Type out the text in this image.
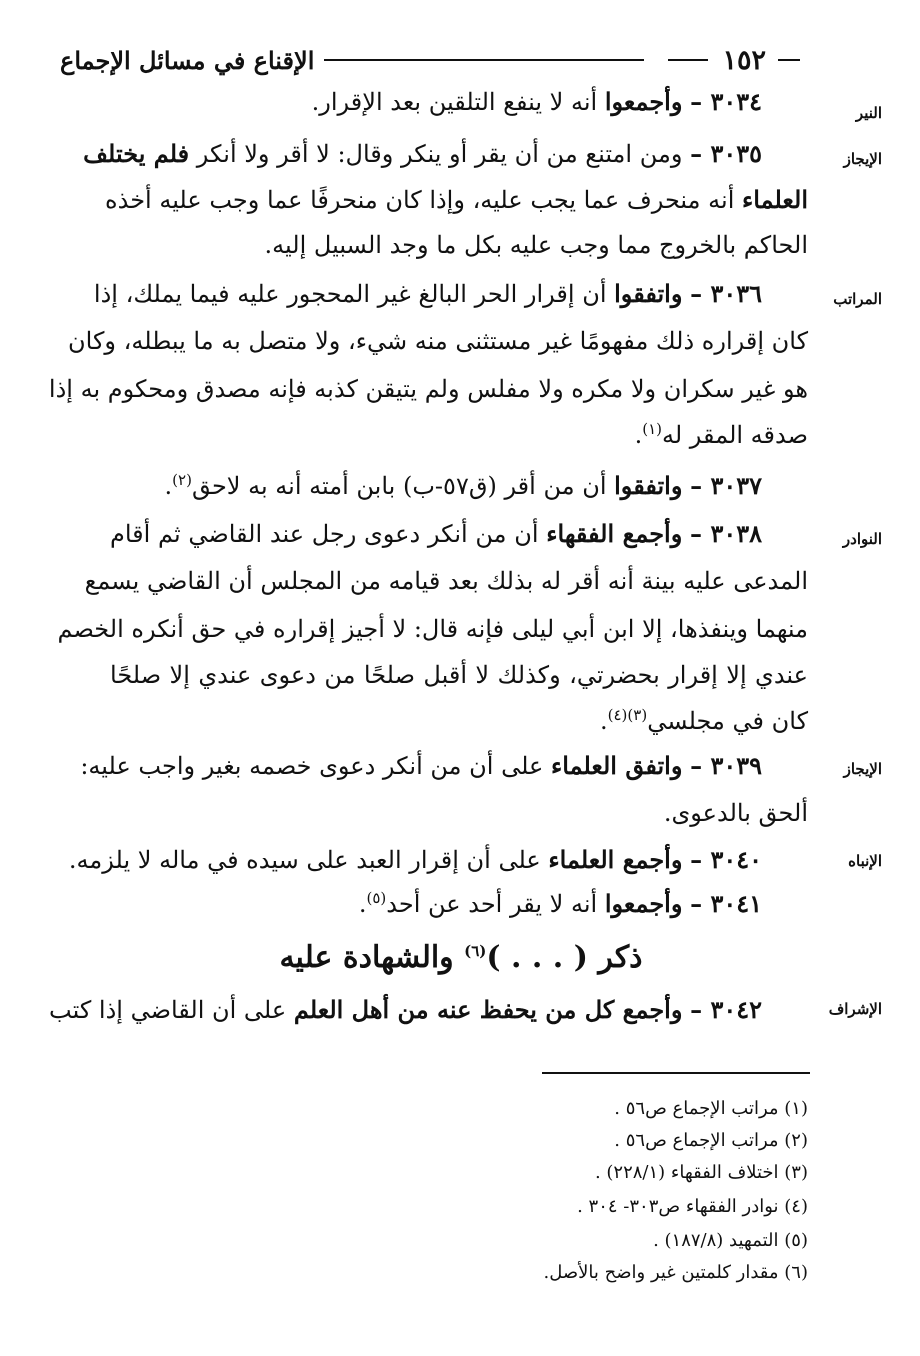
١٥٢
الإقناع في مسائل الإجماع
النير
الإيجاز
المراتب
النوادر
الإيجاز
الإنباه
الإشراف
٣٠٣٤ – وأجمعوا أنه لا ينفع التلقين بعد الإقرار.
٣٠٣٥ – ومن امتنع من أن يقر أو ينكر وقال: لا أقر ولا أنكر فلم يختلف
العلماء أنه منحرف عما يجب عليه، وإذا كان منحرفًا عما وجب عليه أخذه
الحاكم بالخروج مما وجب عليه بكل ما وجد السبيل إليه.
٣٠٣٦ – واتفقوا أن إقرار الحر البالغ غير المحجور عليه فيما يملك، إذا
كان إقراره ذلك مفهومًا غير مستثنى منه شيء، ولا متصل به ما يبطله، وكان
هو غير سكران ولا مكره ولا مفلس ولم يتيقن كذبه فإنه مصدق ومحكوم به إذا
صدقه المقر له$^{(١)}$.
٣٠٣٧ – واتفقوا أن من أقر (ق٥٧-ب) بابن أمته أنه به لاحق$^{(٢)}$.
٣٠٣٨ – وأجمع الفقهاء أن من أنكر دعوى رجل عند القاضي ثم أقام
المدعى عليه بينة أنه أقر له بذلك بعد قيامه من المجلس أن القاضي يسمع
منهما وينفذها، إلا ابن أبي ليلى فإنه قال: لا أجيز إقراره في حق أنكره الخصم
عندي إلا إقرار بحضرتي، وكذلك لا أقبل صلحًا من دعوى عندي إلا صلحًا
كان في مجلسي$^{(٣)(٤)}$.
٣٠٣٩ – واتفق العلماء على أن من أنكر دعوى خصمه بغير واجب عليه:
ألحق بالدعوى.
٣٠٤٠ – وأجمع العلماء على أن إقرار العبد على سيده في ماله لا يلزمه.
٣٠٤١ – وأجمعوا أنه لا يقر أحد عن أحد$^{(٥)}$.
ذكر ( . . . )$^{(٦)}$ والشهادة عليه
٣٠٤٢ – وأجمع كل من يحفظ عنه من أهل العلم على أن القاضي إذا كتب
(١) مراتب الإجماع ص٥٦ .
(٢) مراتب الإجماع ص٥٦ .
(٣) اختلاف الفقهاء (٢٢٨/١) .
(٤) نوادر الفقهاء ص٣٠٣- ٣٠٤ .
(٥) التمهيد (١٨٧/٨) .
(٦) مقدار كلمتين غير واضح بالأصل.
